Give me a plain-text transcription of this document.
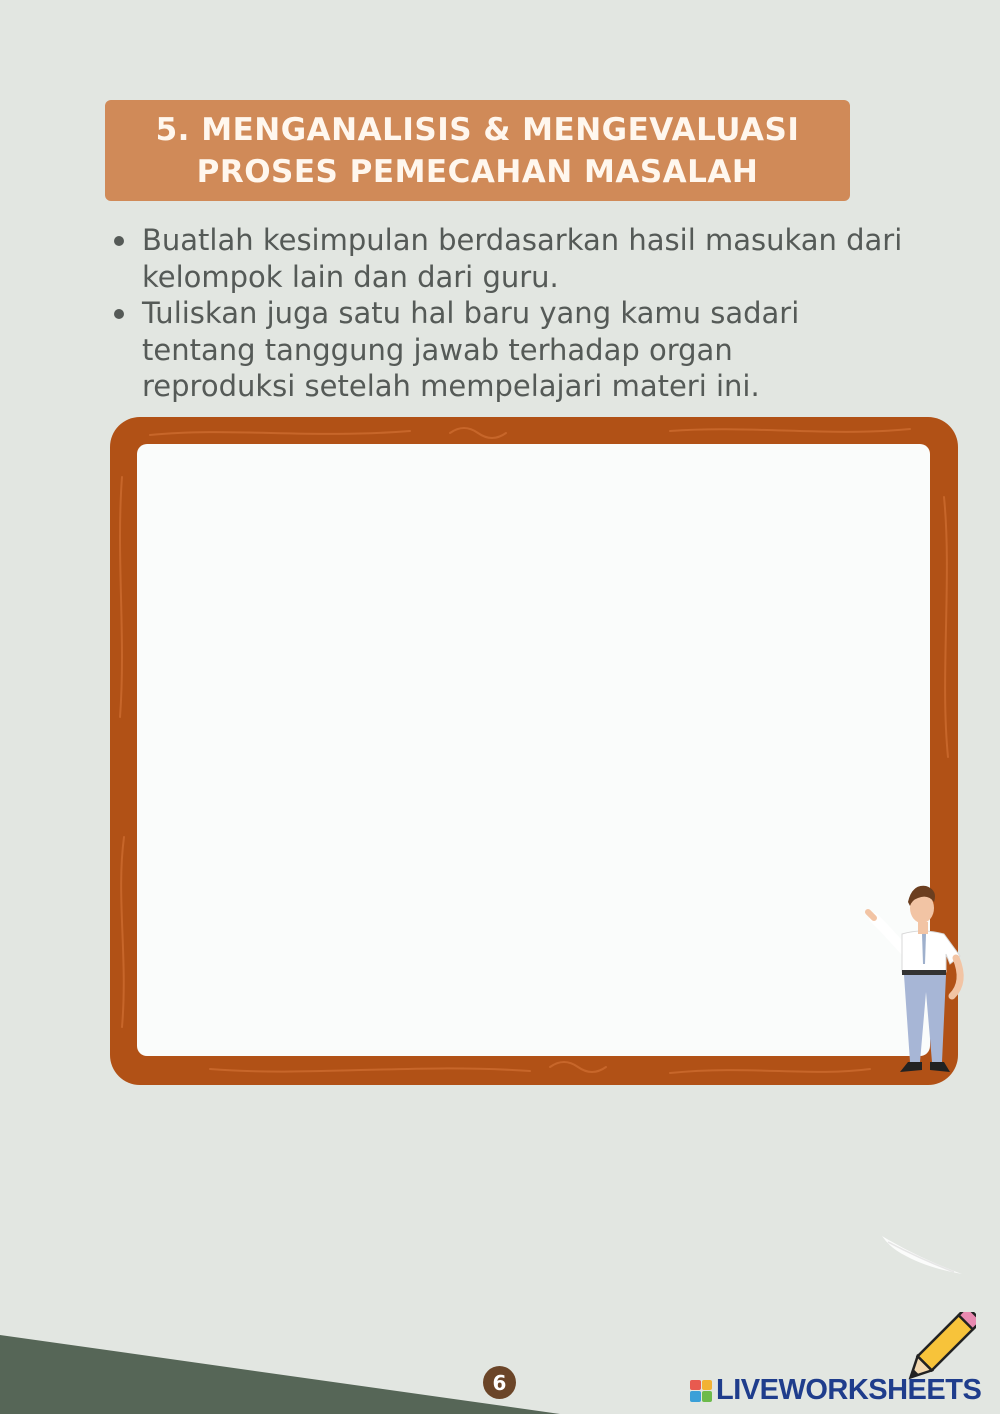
5. MENGANALISIS & MENGEVALUASI
PROSES PEMECAHAN MASALAH
Buatlah kesimpulan berdasarkan hasil masukan dari
kelompok lain dan dari guru.
Tuliskan juga satu hal baru yang kamu sadari
tentang tanggung jawab terhadap organ
reproduksi setelah mempelajari materi ini.
6	LIVEWORKSHEETS
